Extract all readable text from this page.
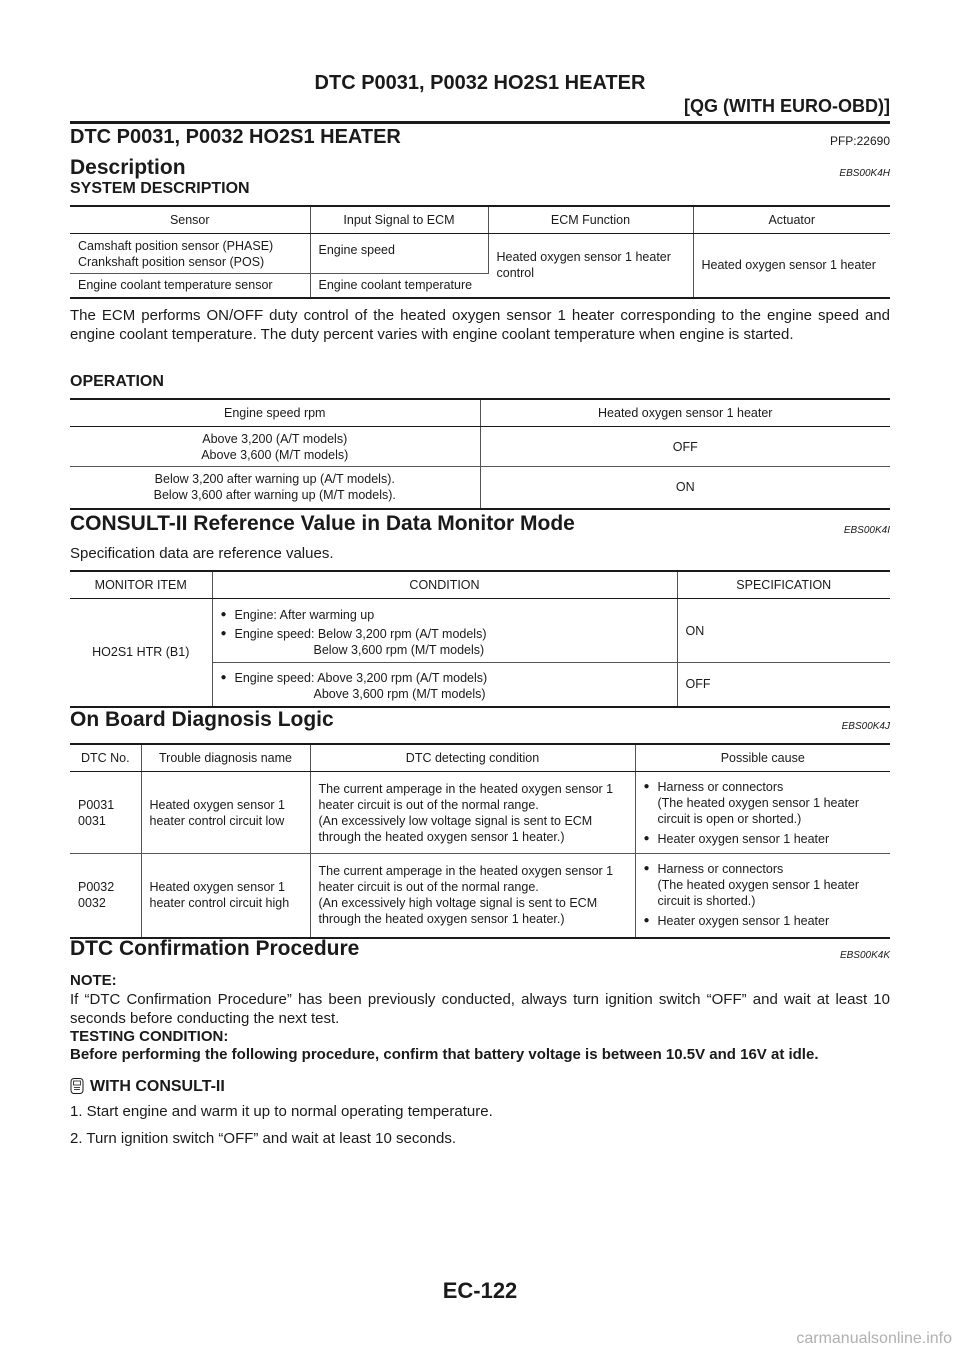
DTC P0031, P0032 HO2S1 HEATER
[QG (WITH EURO-OBD)]
DTC P0031, P0032 HO2S1 HEATER	PFP:22690
Description	EBS00K4H
SYSTEM DESCRIPTION
Sensor	Input Signal to ECM	ECM Function	Actuator

Camshaft position sensor (PHASE)
Crankshaft position sensor (POS)	Engine speed	Heated oxygen sensor 1 heater control	Heated oxygen sensor 1 heater
Engine coolant temperature sensor	Engine coolant temperature		
The ECM performs ON/OFF duty control of the heated oxygen sensor 1 heater corresponding to the engine speed and engine coolant temperature. The duty percent varies with engine coolant temperature when engine is started.
OPERATION
Engine speed rpm	Heated oxygen sensor 1 heater

Above 3,200 (A/T models)
Above 3,600 (M/T models)	OFF

Below 3,200 after warning up (A/T models).
Below 3,600 after warning up (M/T models).	ON
CONSULT-II Reference Value in Data Monitor Mode	EBS00K4I
Specification data are reference values.
MONITOR ITEM	CONDITION	SPECIFICATION
HO2S1 HTR (B1)	● Engine: After warming up
● Engine speed: Below 3,200 rpm (A/T models)
Below 3,600 rpm (M/T models)	ON

	● Engine speed: Above 3,200 rpm (A/T models)
Above 3,600 rpm (M/T models)	OFF
On Board Diagnosis Logic	EBS00K4J
DTC No.	Trouble diagnosis name	DTC detecting condition	Possible cause

P0031
0031	Heated oxygen sensor 1 heater control circuit low	The current amperage in the heated oxygen sensor 1 heater circuit is out of the normal range.
(An excessively low voltage signal is sent to ECM through the heated oxygen sensor 1 heater.)	● Harness or connectors
(The heated oxygen sensor 1 heater circuit is open or shorted.)
● Heater oxygen sensor 1 heater

P0032
0032	Heated oxygen sensor 1 heater control circuit high	The current amperage in the heated oxygen sensor 1 heater circuit is out of the normal range.
(An excessively high voltage signal is sent to ECM through the heated oxygen sensor 1 heater.)	● Harness or connectors
(The heated oxygen sensor 1 heater circuit is shorted.)
● Heater oxygen sensor 1 heater
DTC Confirmation Procedure	EBS00K4K
NOTE:
If “DTC Confirmation Procedure” has been previously conducted, always turn ignition switch “OFF” and wait at least 10 seconds before conducting the next test.
TESTING CONDITION:
Before performing the following procedure, confirm that battery voltage is between 10.5V and 16V at idle.
WITH CONSULT-II
1. Start engine and warm it up to normal operating temperature.
2. Turn ignition switch “OFF” and wait at least 10 seconds.
EC-122
carmanualsonline.info
